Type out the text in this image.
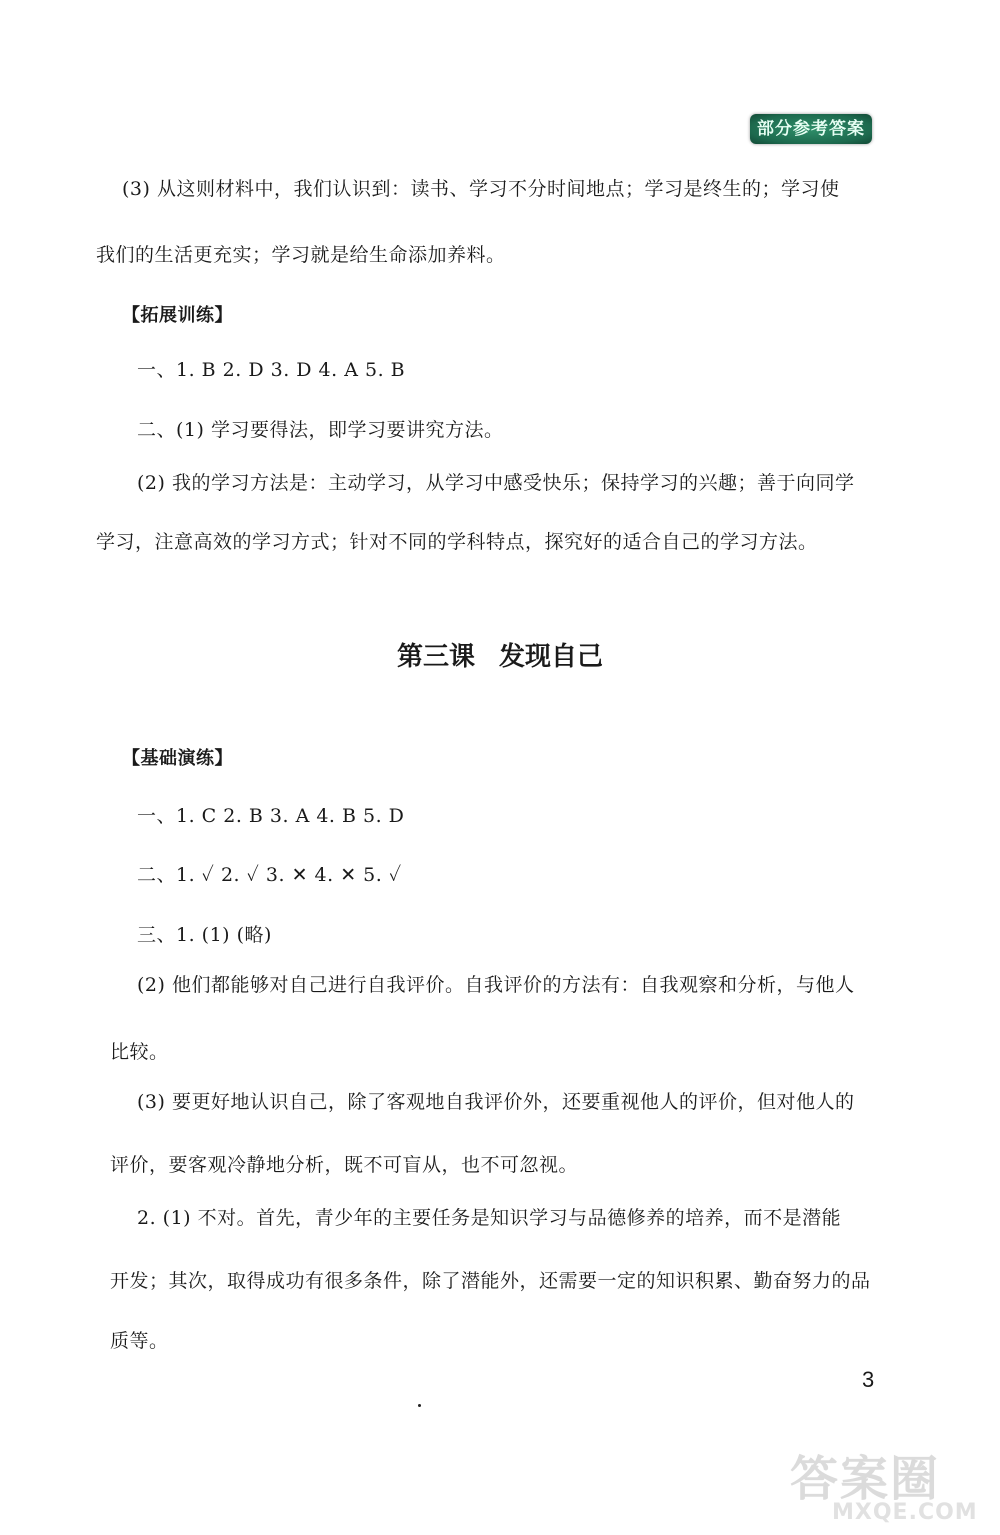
部分参考答案
(3) 从这则材料中，我们认识到：读书、学习不分时间地点；学习是终生的；学习使
我们的生活更充实；学习就是给生命添加养料。
【拓展训练】
一、1. B 2. D 3. D 4. A 5. B
二、(1) 学习要得法，即学习要讲究方法。
(2) 我的学习方法是：主动学习，从学习中感受快乐；保持学习的兴趣；善于向同学
学习，注意高效的学习方式；针对不同的学科特点，探究好的适合自己的学习方法。
第三课 发现自己
【基础演练】
一、1. C 2. B 3. A 4. B 5. D
二、1. ✓ 2. ✓ 3. ✕ 4. ✕ 5. ✓
三、1. (1) (略)
(2) 他们都能够对自己进行自我评价。自我评价的方法有：自我观察和分析，与他人
比较。
(3) 要更好地认识自己，除了客观地自我评价外，还要重视他人的评价，但对他人的
评价，要客观冷静地分析，既不可盲从，也不可忽视。
2. (1) 不对。首先，青少年的主要任务是知识学习与品德修养的培养，而不是潜能
开发；其次，取得成功有很多条件，除了潜能外，还需要一定的知识积累、勤奋努力的品
质等。
3
答案圈
MXQE.COM
